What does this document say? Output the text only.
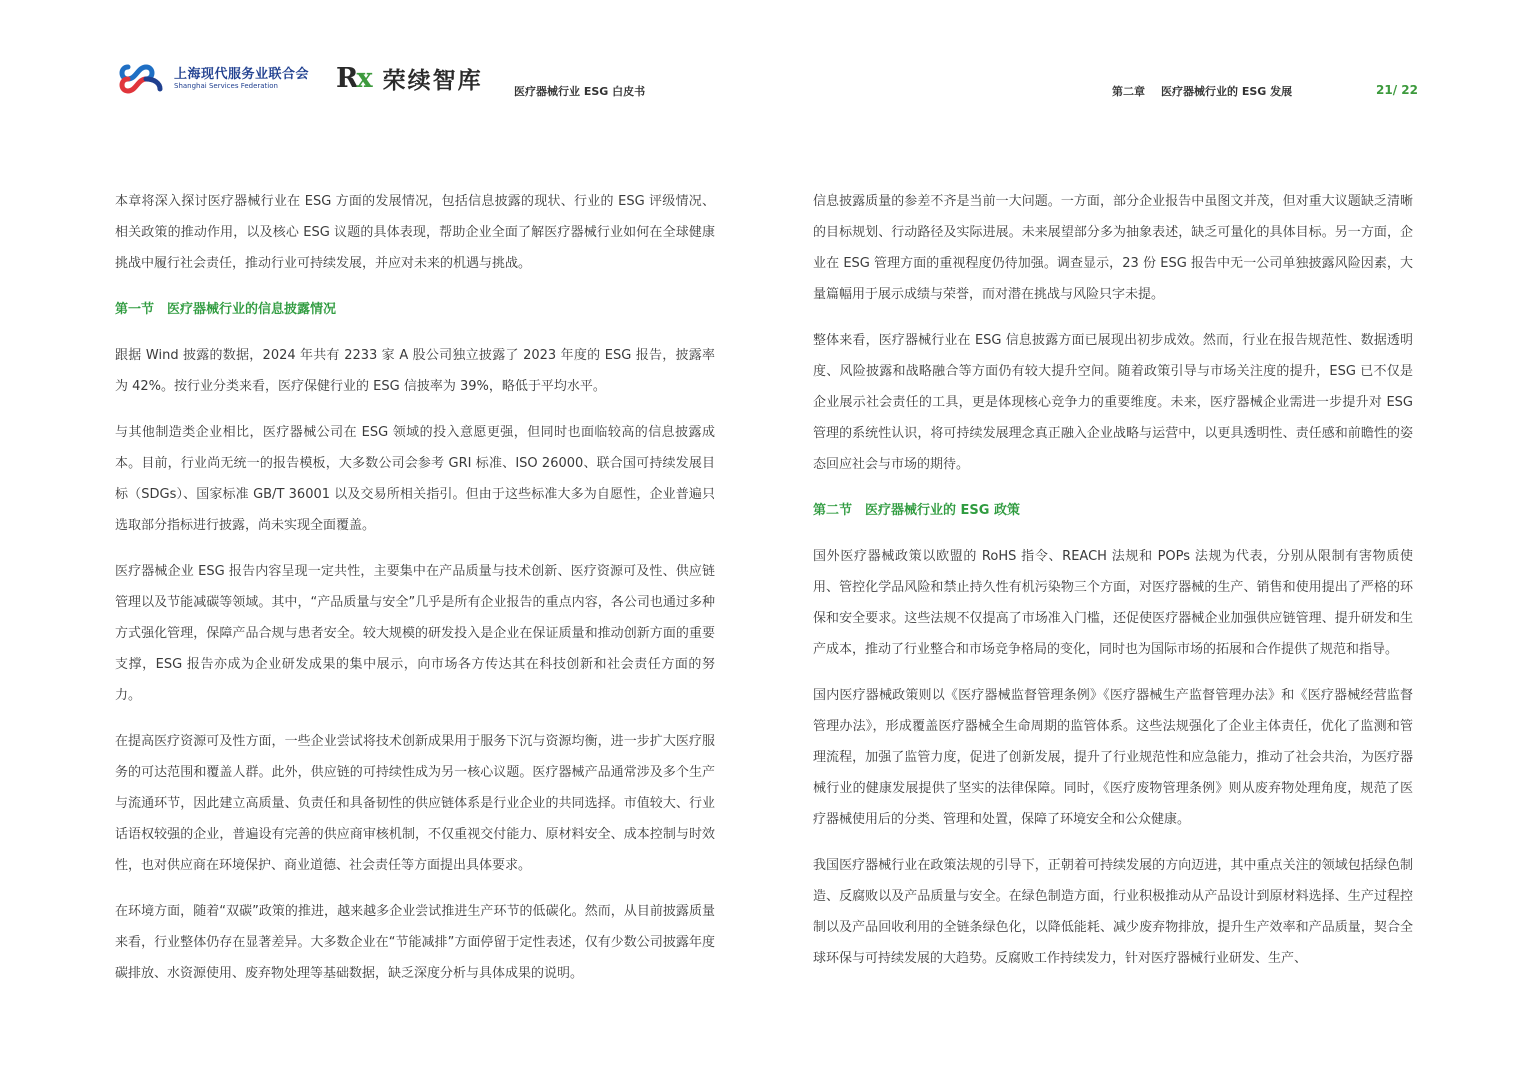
上海现代服务业联合会
Shanghai Services Federation	Rx 荣续智库	医疗器械行业 ESG 白皮书	第二章 医疗器械行业的 ESG 发展	21/ 22

本章将深入探讨医疗器械行业在 ESG 方面的发展情况，包括信息披露的现状、行业的 ESG 评级情况、相关政策的推动作用，以及核心 ESG 议题的具体表现，帮助企业全面了解医疗器械行业如何在全球健康挑战中履行社会责任，推动行业可持续发展，并应对未来的机遇与挑战。

第一节　医疗器械行业的信息披露情况

跟据 Wind 披露的数据，2024 年共有 2233 家 A 股公司独立披露了 2023 年度的 ESG 报告，披露率为 42%。按行业分类来看，医疗保健行业的 ESG 信披率为 39%，略低于平均水平。

与其他制造类企业相比，医疗器械公司在 ESG 领域的投入意愿更强，但同时也面临较高的信息披露成本。目前，行业尚无统一的报告模板，大多数公司会参考 GRI 标准、ISO 26000、联合国可持续发展目标（SDGs）、国家标准 GB/T 36001 以及交易所相关指引。但由于这些标准大多为自愿性，企业普遍只选取部分指标进行披露，尚未实现全面覆盖。

医疗器械企业 ESG 报告内容呈现一定共性，主要集中在产品质量与技术创新、医疗资源可及性、供应链管理以及节能减碳等领域。其中，“产品质量与安全”几乎是所有企业报告的重点内容，各公司也通过多种方式强化管理，保障产品合规与患者安全。较大规模的研发投入是企业在保证质量和推动创新方面的重要支撑，ESG 报告亦成为企业研发成果的集中展示，向市场各方传达其在科技创新和社会责任方面的努力。

在提高医疗资源可及性方面，一些企业尝试将技术创新成果用于服务下沉与资源均衡，进一步扩大医疗服务的可达范围和覆盖人群。此外，供应链的可持续性成为另一核心议题。医疗器械产品通常涉及多个生产与流通环节，因此建立高质量、负责任和具备韧性的供应链体系是行业企业的共同选择。市值较大、行业话语权较强的企业，普遍设有完善的供应商审核机制，不仅重视交付能力、原材料安全、成本控制与时效性，也对供应商在环境保护、商业道德、社会责任等方面提出具体要求。

在环境方面，随着“双碳”政策的推进，越来越多企业尝试推进生产环节的低碳化。然而，从目前披露质量来看，行业整体仍存在显著差异。大多数企业在“节能减排”方面停留于定性表述，仅有少数公司披露年度碳排放、水资源使用、废弃物处理等基础数据，缺乏深度分析与具体成果的说明。

信息披露质量的参差不齐是当前一大问题。一方面，部分企业报告中虽图文并茂，但对重大议题缺乏清晰的目标规划、行动路径及实际进展。未来展望部分多为抽象表述，缺乏可量化的具体目标。另一方面，企业在 ESG 管理方面的重视程度仍待加强。调查显示，23 份 ESG 报告中无一公司单独披露风险因素，大量篇幅用于展示成绩与荣誉，而对潜在挑战与风险只字未提。

整体来看，医疗器械行业在 ESG 信息披露方面已展现出初步成效。然而，行业在报告规范性、数据透明度、风险披露和战略融合等方面仍有较大提升空间。随着政策引导与市场关注度的提升，ESG 已不仅是企业展示社会责任的工具，更是体现核心竞争力的重要维度。未来，医疗器械企业需进一步提升对 ESG 管理的系统性认识，将可持续发展理念真正融入企业战略与运营中，以更具透明性、责任感和前瞻性的姿态回应社会与市场的期待。

第二节　医疗器械行业的 ESG 政策

国外医疗器械政策以欧盟的 RoHS 指令、REACH 法规和 POPs 法规为代表，分别从限制有害物质使用、管控化学品风险和禁止持久性有机污染物三个方面，对医疗器械的生产、销售和使用提出了严格的环保和安全要求。这些法规不仅提高了市场准入门槛，还促使医疗器械企业加强供应链管理、提升研发和生产成本，推动了行业整合和市场竞争格局的变化，同时也为国际市场的拓展和合作提供了规范和指导。

国内医疗器械政策则以《医疗器械监督管理条例》《医疗器械生产监督管理办法》和《医疗器械经营监督管理办法》，形成覆盖医疗器械全生命周期的监管体系。这些法规强化了企业主体责任，优化了监测和管理流程，加强了监管力度，促进了创新发展，提升了行业规范性和应急能力，推动了社会共治，为医疗器械行业的健康发展提供了坚实的法律保障。同时，《医疗废物管理条例》则从废弃物处理角度，规范了医疗器械使用后的分类、管理和处置，保障了环境安全和公众健康。

我国医疗器械行业在政策法规的引导下，正朝着可持续发展的方向迈进，其中重点关注的领域包括绿色制造、反腐败以及产品质量与安全。在绿色制造方面，行业积极推动从产品设计到原材料选择、生产过程控制以及产品回收利用的全链条绿色化，以降低能耗、减少废弃物排放，提升生产效率和产品质量，契合全球环保与可持续发展的大趋势。反腐败工作持续发力，针对医疗器械行业研发、生产、
